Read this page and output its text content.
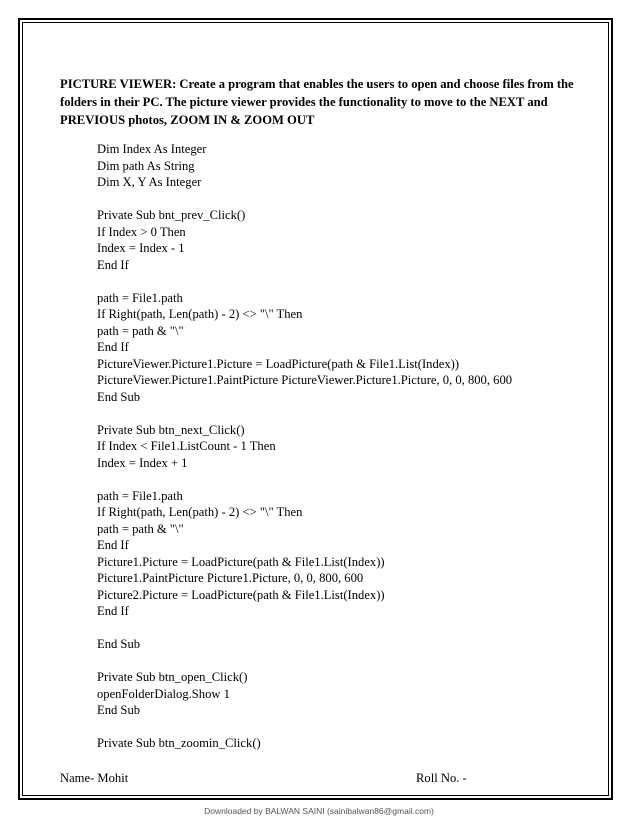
PICTURE VIEWER: Create a program that enables the users to open and choose files from the folders in their PC. The picture viewer provides the functionality to move to the NEXT and PREVIOUS photos, ZOOM IN & ZOOM OUT

Dim Index As Integer
Dim path As String
Dim X, Y As Integer
Private Sub bnt_prev_Click()
If Index > 0 Then
Index = Index - 1
End If
path = File1.path
If Right(path, Len(path) - 2) <> "\" Then
path = path & "\"
End If
PictureViewer.Picture1.Picture = LoadPicture(path & File1.List(Index))
PictureViewer.Picture1.PaintPicture PictureViewer.Picture1.Picture, 0, 0, 800, 600
End Sub
Private Sub btn_next_Click()
If Index < File1.ListCount - 1 Then
Index = Index + 1
path = File1.path
If Right(path, Len(path) - 2) <> "\" Then
path = path & "\"
End If
Picture1.Picture = LoadPicture(path & File1.List(Index))
Picture1.PaintPicture Picture1.Picture, 0, 0, 800, 600
Picture2.Picture = LoadPicture(path & File1.List(Index))
End If
End Sub
Private Sub btn_open_Click()
openFolderDialog.Show 1
End Sub
Private Sub btn_zoomin_Click()
Name- Mohit	Roll No. -
Downloaded by BALWAN SAINI (sainibalwan86@gmail.com)
